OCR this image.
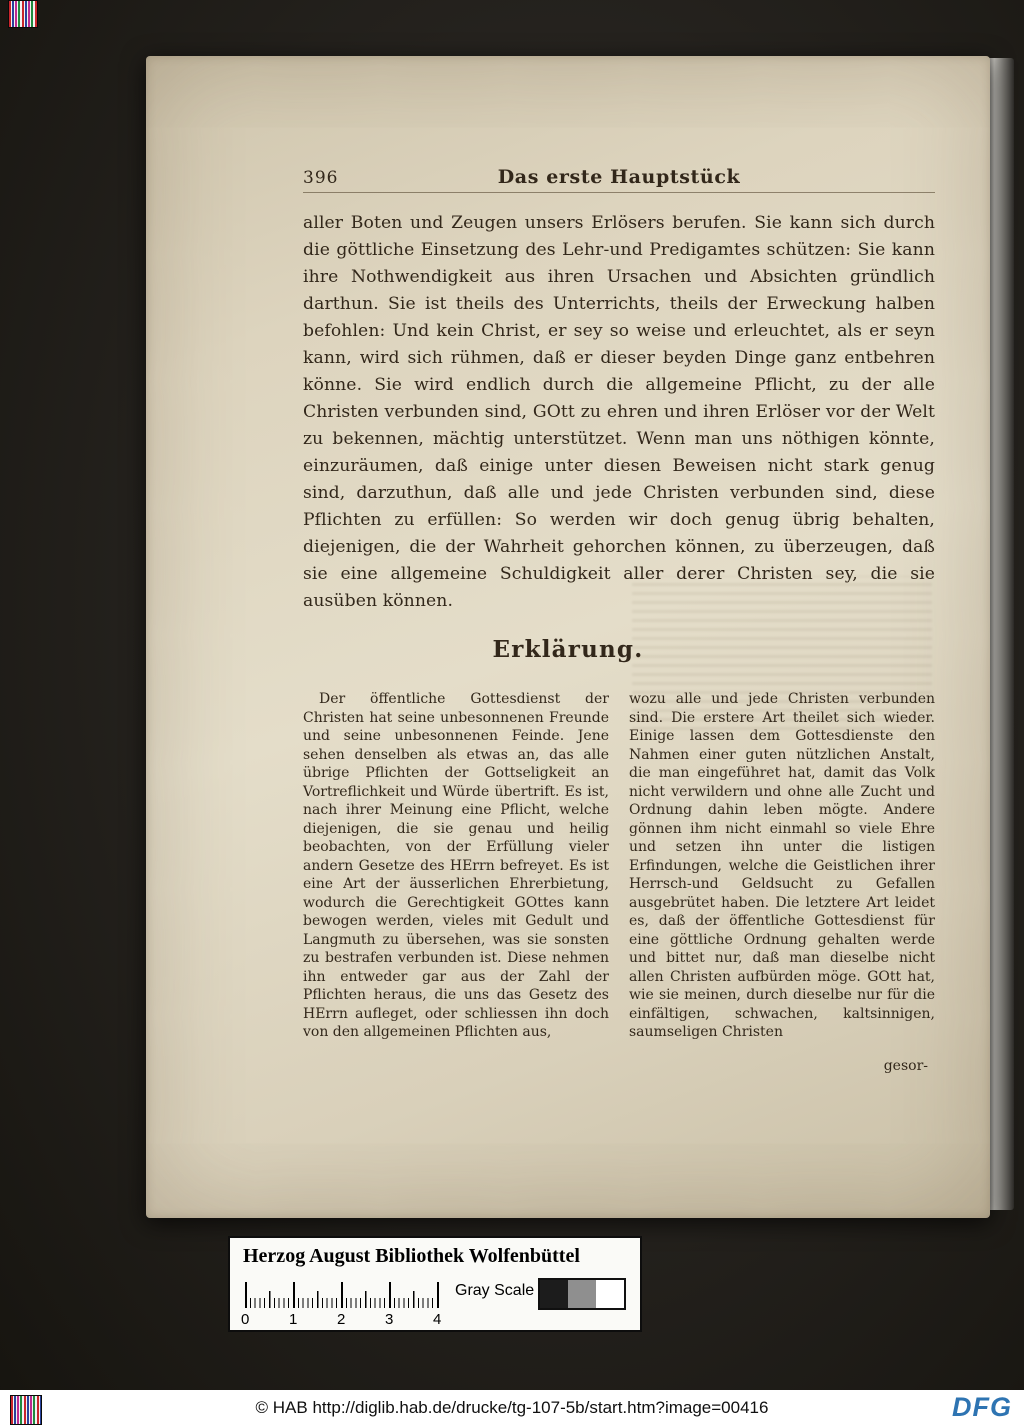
396	Das erste Hauptstück
aller Boten und Zeugen unsers Erlösers berufen. Sie kann sich durch die göttliche Einsetzung des Lehr-und Predigamtes schützen: Sie kann ihre Nothwendigkeit aus ihren Ursachen und Absichten gründlich darthun. Sie ist theils des Unterrichts, theils der Erweckung halben befohlen: Und kein Christ, er sey so weise und erleuchtet, als er seyn kann, wird sich rühmen, daß er dieser beyden Dinge ganz entbehren könne. Sie wird endlich durch die allgemeine Pflicht, zu der alle Christen verbunden sind, GOtt zu ehren und ihren Erlöser vor der Welt zu bekennen, mächtig unterstützet. Wenn man uns nöthigen könnte, einzuräumen, daß einige unter diesen Beweisen nicht stark genug sind, darzuthun, daß alle und jede Christen verbunden sind, diese Pflichten zu erfüllen: So werden wir doch genug übrig behalten, diejenigen, die der Wahrheit gehorchen können, zu überzeugen, daß sie eine allgemeine Schuldigkeit aller derer Christen sey, die sie ausüben können.
Erklärung.
Der öffentliche Gottesdienst der Christen hat seine unbesonnenen Freunde und seine unbesonnenen Feinde. Jene sehen denselben als etwas an, das alle übrige Pflichten der Gottseligkeit an Vortreflichkeit und Würde übertrift. Es ist, nach ihrer Meinung eine Pflicht, welche diejenigen, die sie genau und heilig beobachten, von der Erfüllung vieler andern Gesetze des HErrn befreyet. Es ist eine Art der äusserlichen Ehrerbietung, wodurch die Gerechtigkeit GOttes kann bewogen werden, vieles mit Gedult und Langmuth zu übersehen, was sie sonsten zu bestrafen verbunden ist. Diese nehmen ihn entweder gar aus der Zahl der Pflichten heraus, die uns das Gesetz des HErrn aufleget, oder schliessen ihn doch von den allgemeinen Pflichten aus,
wozu alle und jede Christen verbunden sind. Die erstere Art theilet sich wieder. Einige lassen dem Gottesdienste den Nahmen einer guten nützlichen Anstalt, die man eingeführet hat, damit das Volk nicht verwildern und ohne alle Zucht und Ordnung dahin leben mögte. Andere gönnen ihm nicht einmahl so viele Ehre und setzen ihn unter die listigen Erfindungen, welche die Geistlichen ihrer Herrsch-und Geldsucht zu Gefallen ausgebrütet haben. Die letztere Art leidet es, daß der öffentliche Gottesdienst für eine göttliche Ordnung gehalten werde und bittet nur, daß man dieselbe nicht allen Christen aufbürden möge. GOtt hat, wie sie meinen, durch dieselbe nur für die einfältigen, schwachen, kaltsinnigen, saumseligen Christen
gesor-
Herzog August Bibliothek Wolfenbüttel
0	1	2	3	4
Gray Scale
© HAB http://diglib.hab.de/drucke/tg-107-5b/start.htm?image=00416	DFG
